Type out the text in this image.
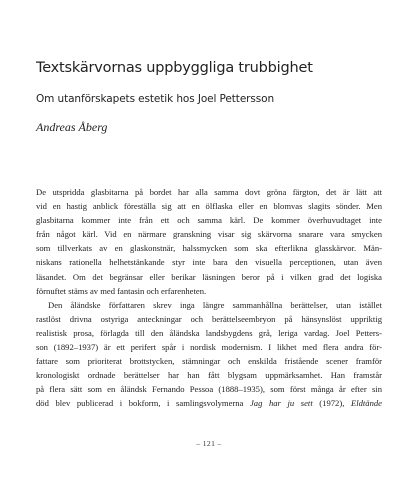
Textskärvornas uppbyggliga trubbighet
Om utanförskapets estetik hos Joel Pettersson
Andreas Åberg
De utspridda glasbitarna på bordet har alla samma dovt gröna färgton, det är lätt att
vid en hastig anblick föreställa sig att en ölflaska eller en blomvas slagits sönder. Men
glasbitarna kommer inte från ett och samma kärl. De kommer överhuvudtaget inte
från något kärl. Vid en närmare granskning visar sig skärvorna snarare vara smycken
som tillverkats av en glaskonstnär, halssmycken som ska efterlikna glasskärvor. Män-
niskans rationella helhetstänkande styr inte bara den visuella perceptionen, utan även
läsandet. Om det begränsar eller berikar läsningen beror på i vilken grad det logiska
förnuftet stäms av med fantasin och erfarenheten.
Den åländske författaren skrev inga längre sammanhållna berättelser, utan istället
rastlöst drivna ostyriga anteckningar och berättelseembryon på hänsynslöst uppriktig
realistisk prosa, förlagda till den åländska landsbygdens grå, leriga vardag. Joel Petters-
son (1892–1937) är ett perifert spår i nordisk modernism. I likhet med flera andra för-
fattare som prioriterat brottstycken, stämningar och enskilda fristående scener framför
kronologiskt ordnade berättelser har han fått blygsam uppmärksamhet. Han framstår
på flera sätt som en åländsk Fernando Pessoa (1888–1935), som först många år efter sin
död blev publicerad i bokform, i samlingsvolymerna Jag har ju sett (1972), Eldtände
– 121 –
